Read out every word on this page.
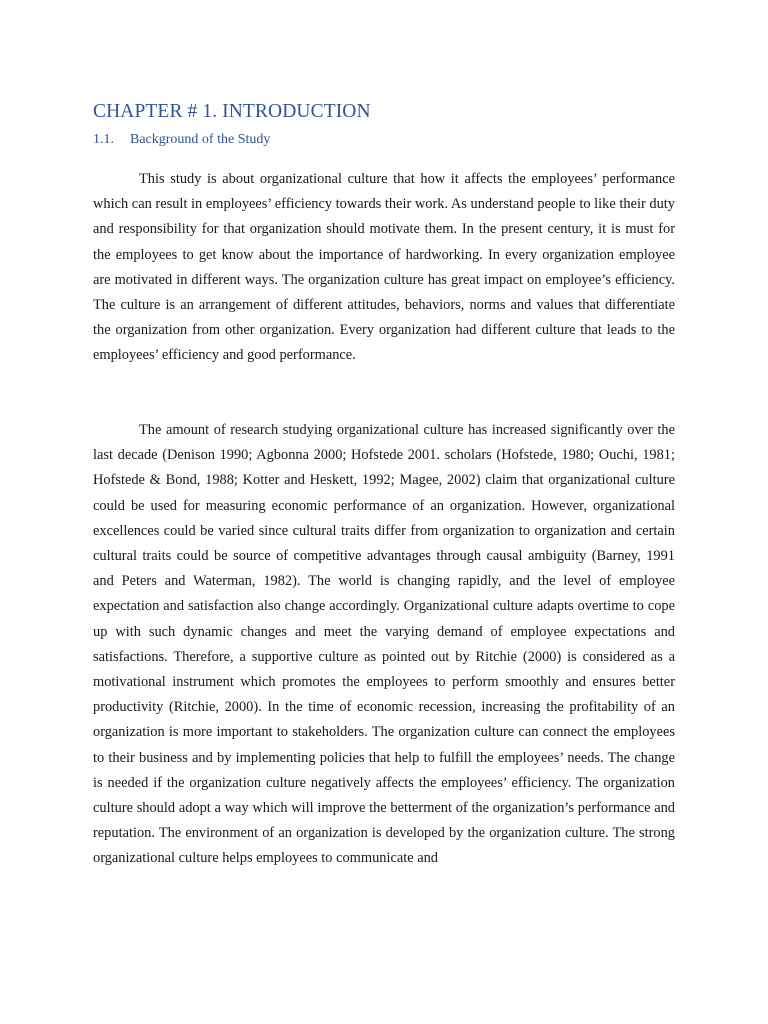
CHAPTER # 1. INTRODUCTION
1.1. Background of the Study

This study is about organizational culture that how it affects the employees’ performance which can result in employees’ efficiency towards their work. As understand people to like their duty and responsibility for that organization should motivate them. In the present century, it is must for the employees to get know about the importance of hardworking. In every organization employee are motivated in different ways. The organization culture has great impact on employee’s efficiency. The culture is an arrangement of different attitudes, behaviors, norms and values that differentiate the organization from other organization. Every organization had different culture that leads to the employees’ efficiency and good performance.

The amount of research studying organizational culture has increased significantly over the last decade (Denison 1990; Agbonna 2000; Hofstede 2001. scholars (Hofstede, 1980; Ouchi, 1981; Hofstede & Bond, 1988; Kotter and Heskett, 1992; Magee, 2002) claim that organizational culture could be used for measuring economic performance of an organization. However, organizational excellences could be varied since cultural traits differ from organization to organization and certain cultural traits could be source of competitive advantages through causal ambiguity (Barney, 1991 and Peters and Waterman, 1982). The world is changing rapidly, and the level of employee expectation and satisfaction also change accordingly. Organizational culture adapts overtime to cope up with such dynamic changes and meet the varying demand of employee expectations and satisfactions. Therefore, a supportive culture as pointed out by Ritchie (2000) is considered as a motivational instrument which promotes the employees to perform smoothly and ensures better productivity (Ritchie, 2000). In the time of economic recession, increasing the profitability of an organization is more important to stakeholders. The organization culture can connect the employees to their business and by implementing policies that help to fulfill the employees’ needs. The change is needed if the organization culture negatively affects the employees’ efficiency. The organization culture should adopt a way which will improve the betterment of the organization’s performance and reputation. The environment of an organization is developed by the organization culture. The strong organizational culture helps employees to communicate and
